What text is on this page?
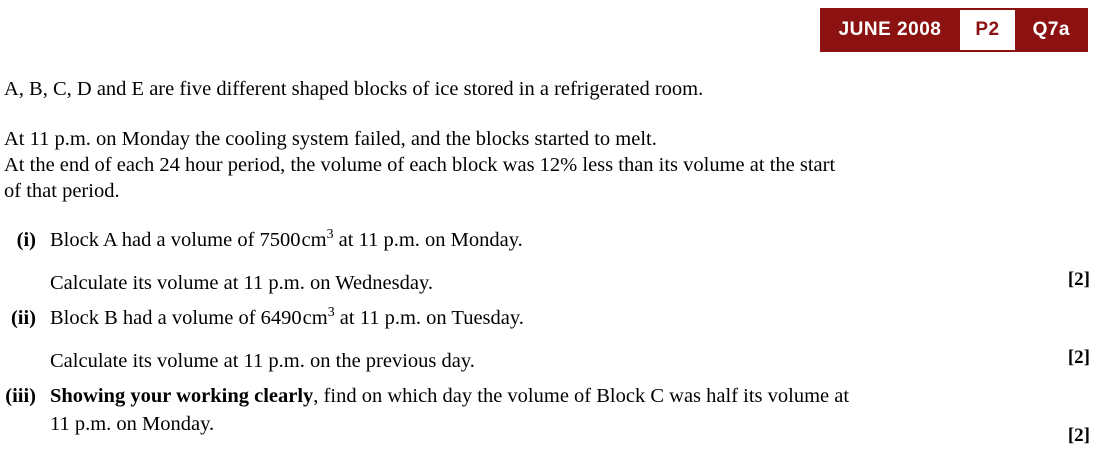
JUNE 2008	P2	Q7a

A, B, C, D and E are five different shaped blocks of ice stored in a refrigerated room.

At 11 p.m. on Monday the cooling system failed, and the blocks started to melt.
At the end of each 24 hour period, the volume of each block was 12% less than its volume at the start
of that period.
(i) Block A had a volume of $7500cm^3$ at 11 p.m. on Monday.
Calculate its volume at 11 p.m. on Wednesday.	[2]
(ii) Block B had a volume of $6490cm^3$ at 11 p.m. on Tuesday.
Calculate its volume at 11 p.m. on the previous day.	[2]
(iii) Showing your working clearly, find on which day the volume of Block C was half its volume at
11 p.m. on Monday.
[2]
